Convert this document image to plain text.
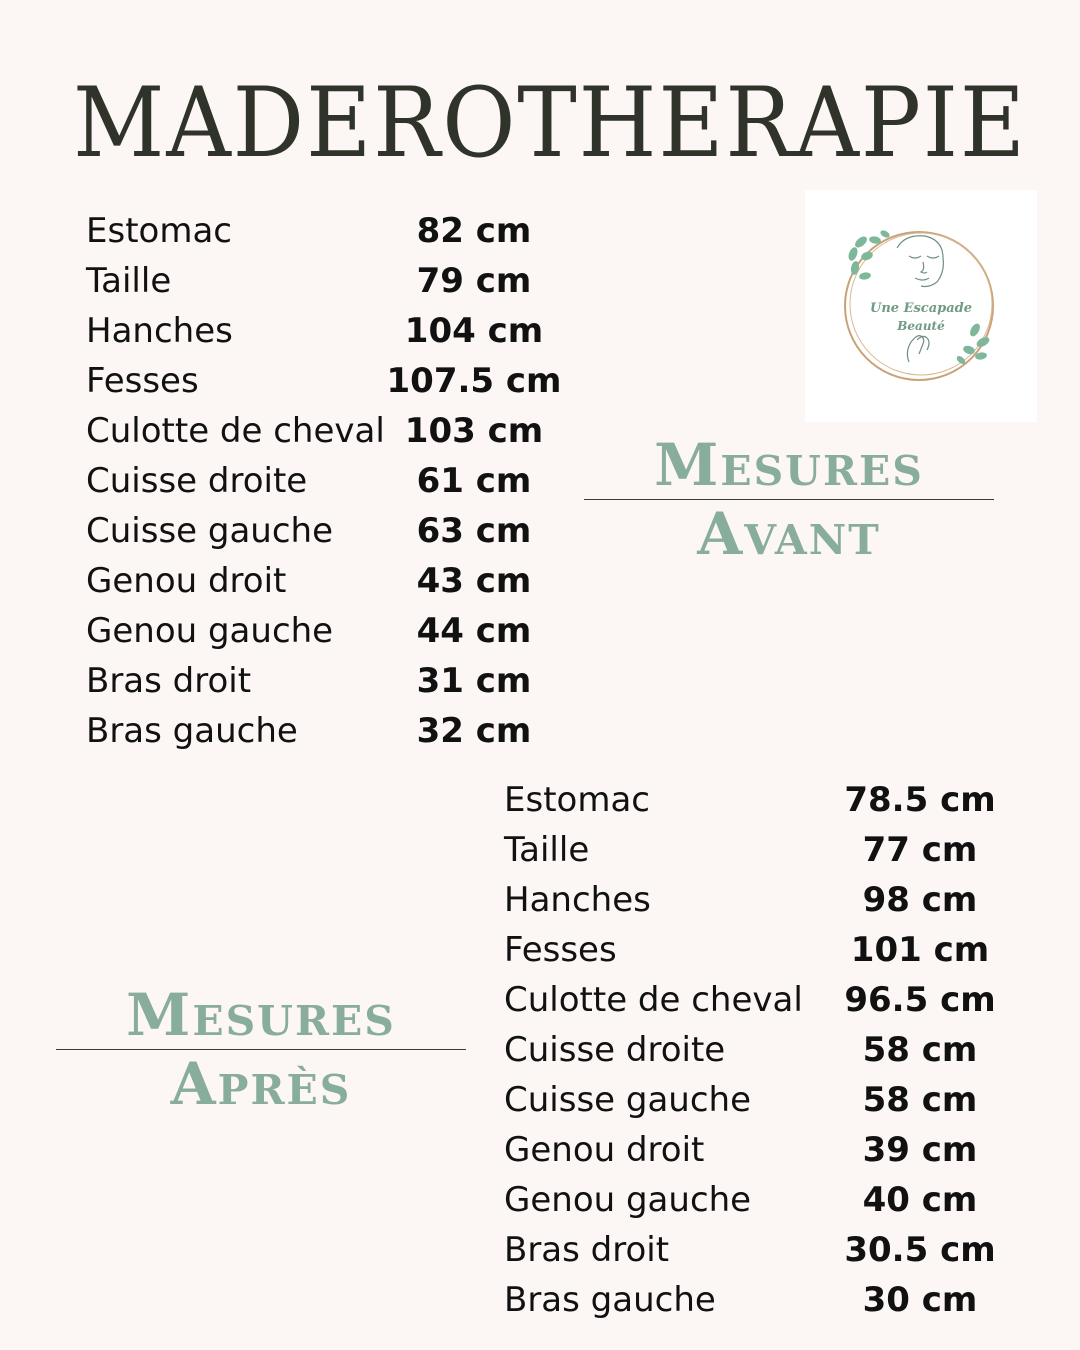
MADEROTHERAPIE
Estomac	82 cm
Taille	79 cm
Hanches	104 cm
Fesses	107.5 cm
Culotte de cheval 103 cm
Cuisse droite	61 cm
Cuisse gauche	63 cm
Genou droit	43 cm
Genou gauche	44 cm
Bras droit	31 cm
Bras gauche	32 cm
Une Escapade
Beauté
Mesures
Avant
Mesures
Après
Estomac	78.5 cm
Taille	77 cm
Hanches	98 cm
Fesses	101 cm
Culotte de cheval	96.5 cm
Cuisse droite	58 cm
Cuisse gauche	58 cm
Genou droit	39 cm
Genou gauche	40 cm
Bras droit	30.5 cm
Bras gauche	30 cm
